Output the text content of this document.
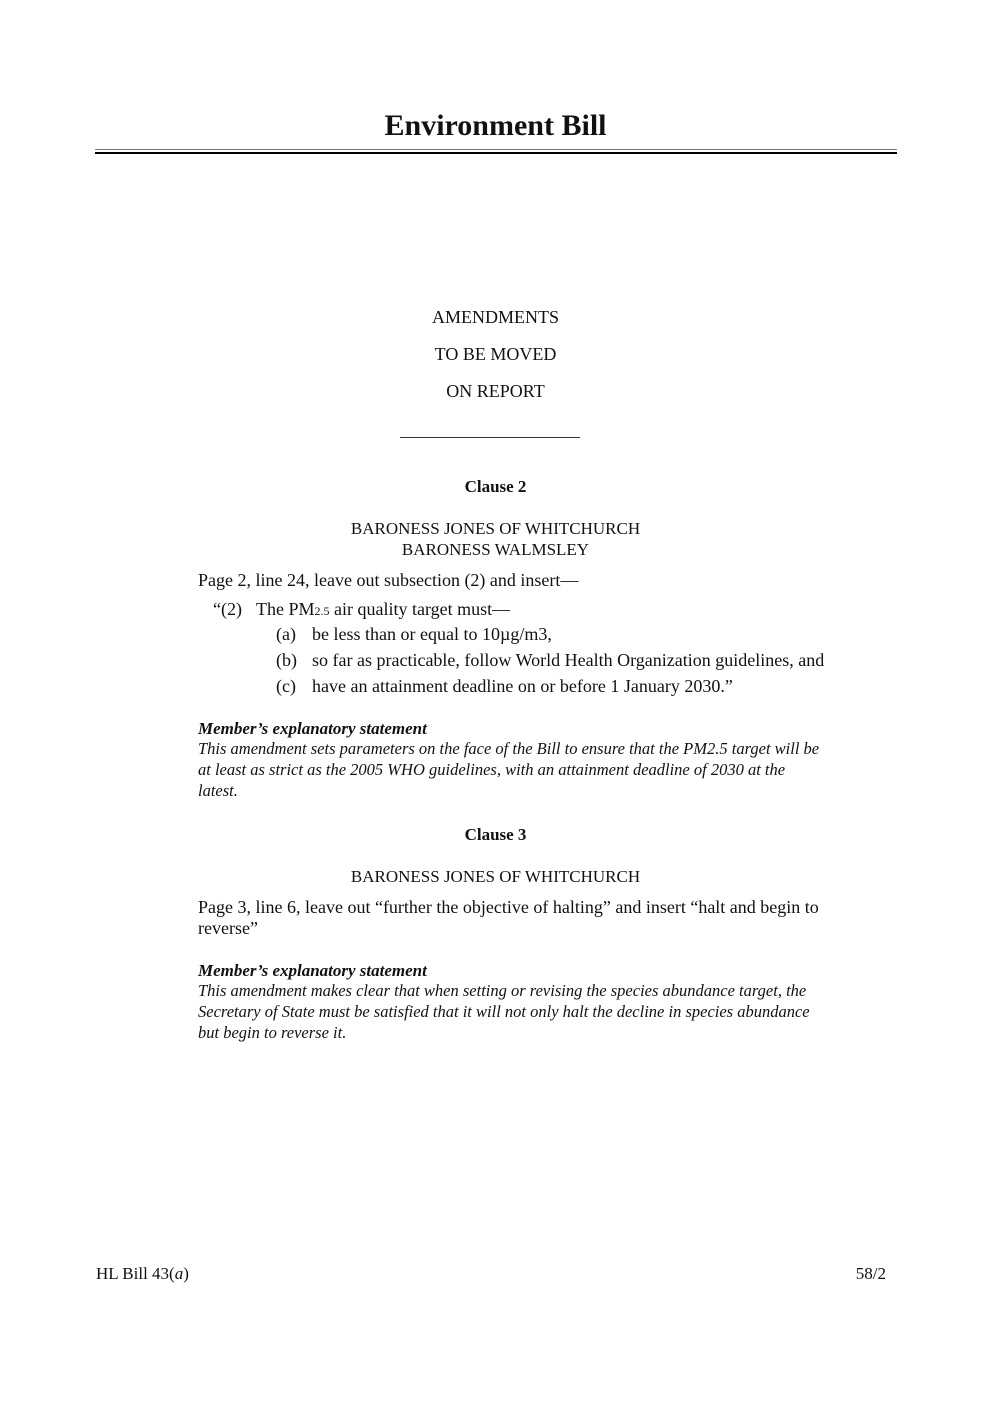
Environment Bill
AMENDMENTS
TO BE MOVED
ON REPORT
Clause 2
BARONESS JONES OF WHITCHURCH
BARONESS WALMSLEY
Page 2, line 24, leave out subsection (2) and insert—
“(2) The PM2.5 air quality target must—
(a) be less than or equal to 10µg/m3,
(b) so far as practicable, follow World Health Organization guidelines, and
(c) have an attainment deadline on or before 1 January 2030.”
Member’s explanatory statement
This amendment sets parameters on the face of the Bill to ensure that the PM2.5 target will be
at least as strict as the 2005 WHO guidelines, with an attainment deadline of 2030 at the
latest.
Clause 3
BARONESS JONES OF WHITCHURCH
Page 3, line 6, leave out “further the objective of halting” and insert “halt and begin to
reverse”
Member’s explanatory statement
This amendment makes clear that when setting or revising the species abundance target, the
Secretary of State must be satisfied that it will not only halt the decline in species abundance
but begin to reverse it.
HL Bill 43(a)	58/2
